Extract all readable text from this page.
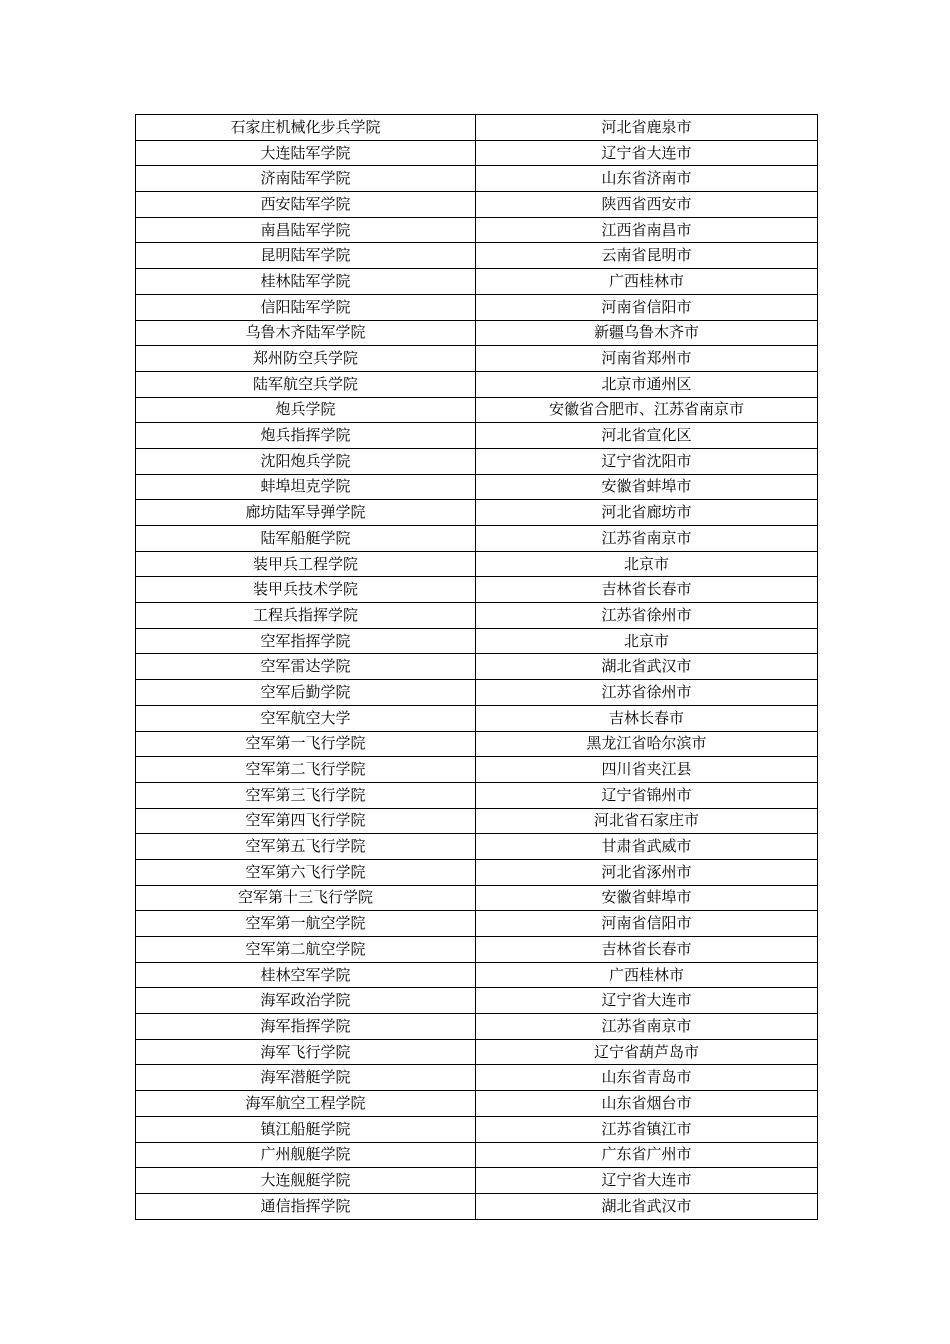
石家庄机械化步兵学院	河北省鹿泉市
大连陆军学院	辽宁省大连市
济南陆军学院	山东省济南市
西安陆军学院	陕西省西安市
南昌陆军学院	江西省南昌市
昆明陆军学院	云南省昆明市
桂林陆军学院	广西桂林市
信阳陆军学院	河南省信阳市
乌鲁木齐陆军学院	新疆乌鲁木齐市
郑州防空兵学院	河南省郑州市
陆军航空兵学院	北京市通州区
炮兵学院	安徽省合肥市、江苏省南京市
炮兵指挥学院	河北省宣化区
沈阳炮兵学院	辽宁省沈阳市
蚌埠坦克学院	安徽省蚌埠市
廊坊陆军导弹学院	河北省廊坊市
陆军船艇学院	江苏省南京市
装甲兵工程学院	北京市
装甲兵技术学院	吉林省长春市
工程兵指挥学院	江苏省徐州市
空军指挥学院	北京市
空军雷达学院	湖北省武汉市
空军后勤学院	江苏省徐州市
空军航空大学	吉林长春市
空军第一飞行学院	黑龙江省哈尔滨市
空军第二飞行学院	四川省夹江县
空军第三飞行学院	辽宁省锦州市
空军第四飞行学院	河北省石家庄市
空军第五飞行学院	甘肃省武威市
空军第六飞行学院	河北省涿州市
空军第十三飞行学院	安徽省蚌埠市
空军第一航空学院	河南省信阳市
空军第二航空学院	吉林省长春市
桂林空军学院	广西桂林市
海军政治学院	辽宁省大连市
海军指挥学院	江苏省南京市
海军飞行学院	辽宁省葫芦岛市
海军潜艇学院	山东省青岛市
海军航空工程学院	山东省烟台市
镇江船艇学院	江苏省镇江市
广州舰艇学院	广东省广州市
大连舰艇学院	辽宁省大连市
通信指挥学院	湖北省武汉市
